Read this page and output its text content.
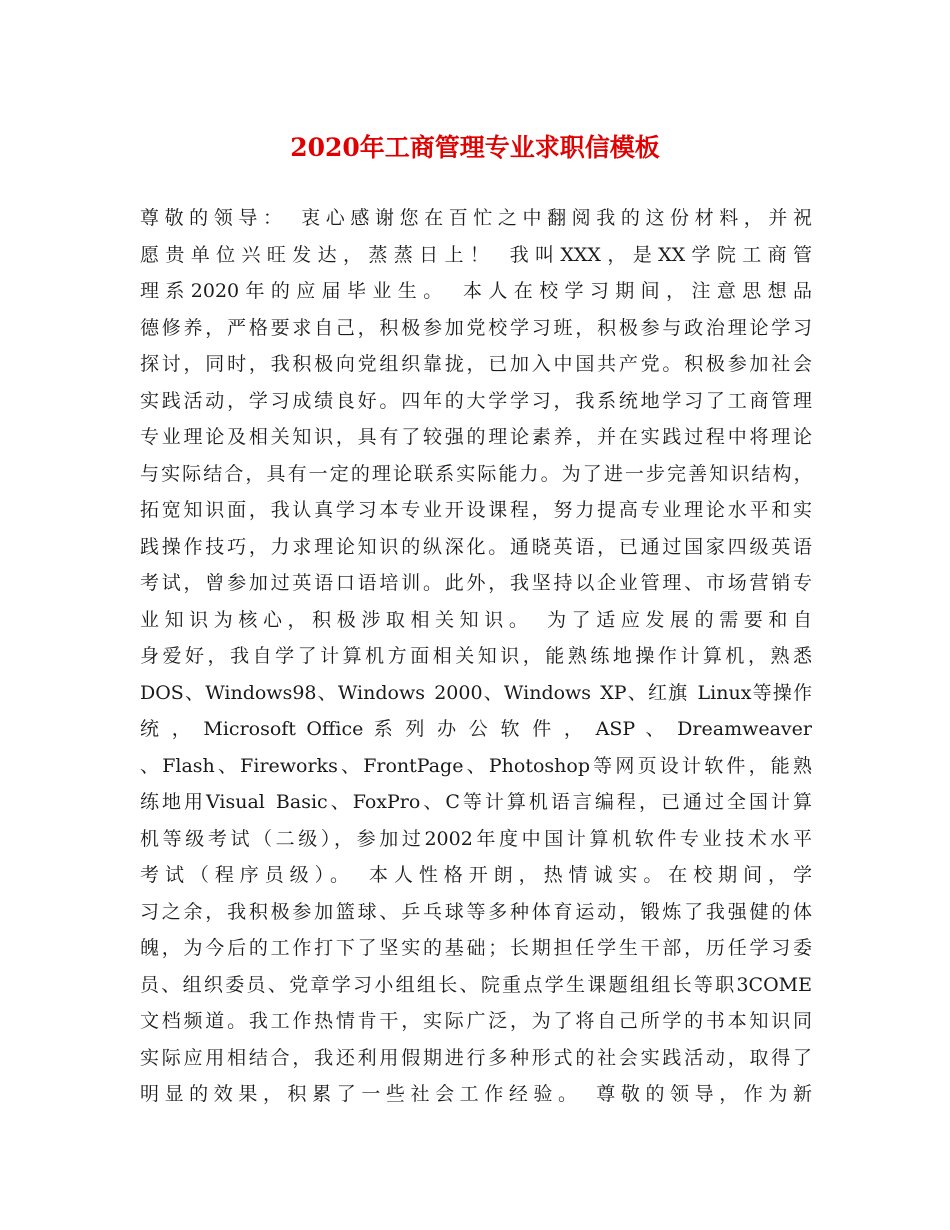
2020年工商管理专业求职信模板
尊敬的领导： 衷心感谢您在百忙之中翻阅我的这份材料，并祝
愿贵单位兴旺发达，蒸蒸日上！ 我叫XXX，是XX学院工商管
理系2020年的应届毕业生。 本人在校学习期间，注意思想品
德修养，严格要求自己，积极参加党校学习班，积极参与政治理论学习
探讨，同时，我积极向党组织靠拢，已加入中国共产党。积极参加社会
实践活动，学习成绩良好。四年的大学学习，我系统地学习了工商管理
专业理论及相关知识，具有了较强的理论素养，并在实践过程中将理论
与实际结合，具有一定的理论联系实际能力。为了进一步完善知识结构，
拓宽知识面，我认真学习本专业开设课程，努力提高专业理论水平和实
践操作技巧，力求理论知识的纵深化。通晓英语，已通过国家四级英语
考试，曾参加过英语口语培训。此外，我坚持以企业管理、市场营销专
业知识为核心，积极涉取相关知识。 为了适应发展的需要和自
身爱好，我自学了计算机方面相关知识，能熟练地操作计算机，熟悉
DOS、Windows98、Windows 2000、Windows XP、红旗 Linux等操作
统 ， Microsoft Office 系 列 办 公 软 件 ， ASP 、 Dreamweaver
、Flash、Fireworks、FrontPage、Photoshop等网页设计软件，能熟
练地用Visual Basic、FoxPro、C等计算机语言编程，已通过全国计算
机等级考试（二级），参加过2002年度中国计算机软件专业技术水平
考试（程序员级）。 本人性格开朗，热情诚实。在校期间，学
习之余，我积极参加篮球、乒乓球等多种体育运动，锻炼了我强健的体
魄，为今后的工作打下了坚实的基础；长期担任学生干部，历任学习委
员、组织委员、党章学习小组组长、院重点学生课题组组长等职3COME
文档频道。我工作热情肯干，实际广泛，为了将自己所学的书本知识同
实际应用相结合，我还利用假期进行多种形式的社会实践活动，取得了
明显的效果，积累了一些社会工作经验。 尊敬的领导，作为新
